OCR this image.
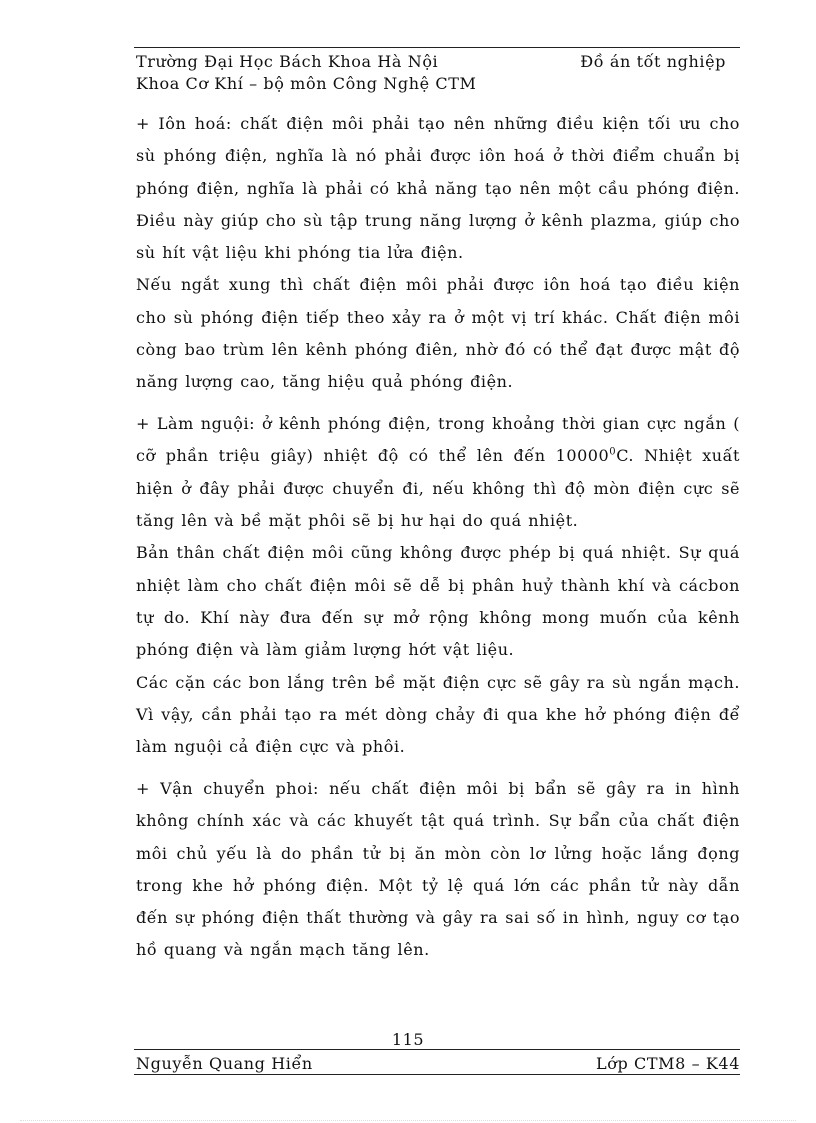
Trường Đại Học Bách Khoa Hà Nội	Đồ án tốt nghiệp
Khoa Cơ Khí – bộ môn Công Nghệ CTM

+ Iôn hoá: chất điện môi phải tạo nên những điều kiện tối ưu cho sù phóng điện, nghĩa là nó phải được iôn hoá ở thời điểm chuẩn bị phóng điện, nghĩa là phải có khả năng tạo nên một cầu phóng điện. Điều này giúp cho sù tập trung năng lượng ở kênh plazma, giúp cho sù hít vật liệu khi phóng tia lửa điện.

Nếu ngắt xung thì chất điện môi phải được iôn hoá tạo điều kiện cho sù phóng điện tiếp theo xảy ra ở một vị trí khác. Chất điện môi còng bao trùm lên kênh phóng điên, nhờ đó có thể đạt được mật độ năng lượng cao, tăng hiệu quả phóng điện.

+ Làm nguội: ở kênh phóng điện, trong khoảng thời gian cực ngắn ( cỡ phần triệu giây) nhiệt độ có thể lên đến 10000$^0$C. Nhiệt xuất hiện ở đây phải được chuyển đi, nếu không thì độ mòn điện cực sẽ tăng lên và bề mặt phôi sẽ bị hư hại do quá nhiệt.

Bản thân chất điện môi cũng không được phép bị quá nhiệt. Sự quá nhiệt làm cho chất điện môi sẽ dễ bị phân huỷ thành khí và cácbon tự do. Khí này đưa đến sự mở rộng không mong muốn của kênh phóng điện và làm giảm lượng hớt vật liệu.

Các cặn các bon lắng trên bề mặt điện cực sẽ gây ra sù ngắn mạch. Vì vậy, cần phải tạo ra mét dòng chảy đi qua khe hở phóng điện để làm nguội cả điện cực và phôi.

+ Vận chuyển phoi: nếu chất điện môi bị bẩn sẽ gây ra in hình không chính xác và các khuyết tật quá trình. Sự bẩn của chất điện môi chủ yếu là do phần tử bị ăn mòn còn lơ lửng hoặc lắng đọng trong khe hở phóng điện. Một tỷ lệ quá lớn các phần tử này dẫn đến sự phóng điện thất thường và gây ra sai số in hình, nguy cơ tạo hồ quang và ngắn mạch tăng lên.

115
Nguyễn Quang Hiển	Lớp CTM8 – K44
